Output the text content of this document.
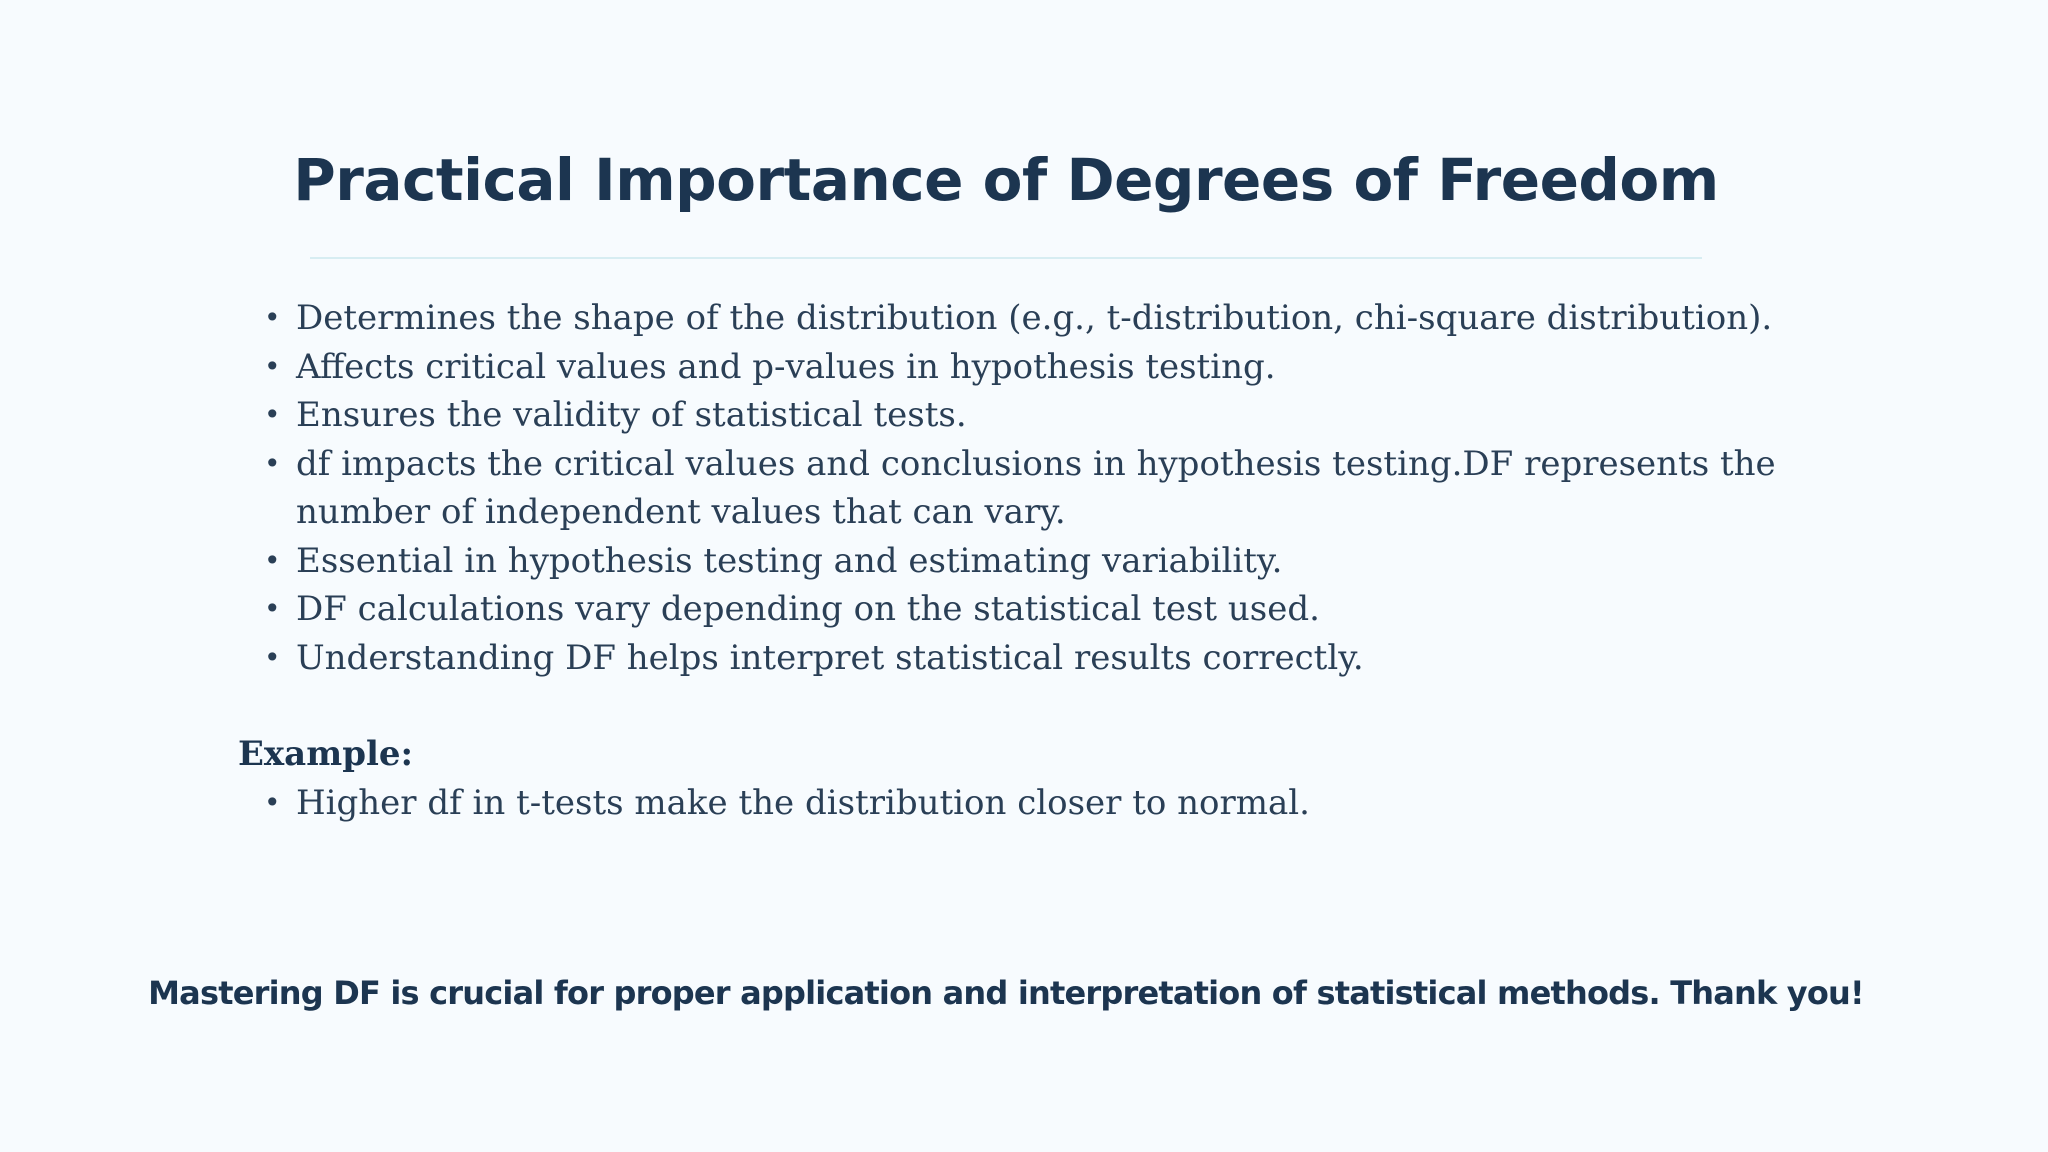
Practical Importance of Degrees of Freedom
• Determines the shape of the distribution (e.g., t-distribution, chi-square distribution).
• Affects critical values and p-values in hypothesis testing.
• Ensures the validity of statistical tests.
• df impacts the critical values and conclusions in hypothesis testing.DF represents the number of independent values that can vary.
• Essential in hypothesis testing and estimating variability.
• DF calculations vary depending on the statistical test used.
• Understanding DF helps interpret statistical results correctly.
Example:
• Higher df in t-tests make the distribution closer to normal.

Mastering DF is crucial for proper application and interpretation of statistical methods. Thank you!
